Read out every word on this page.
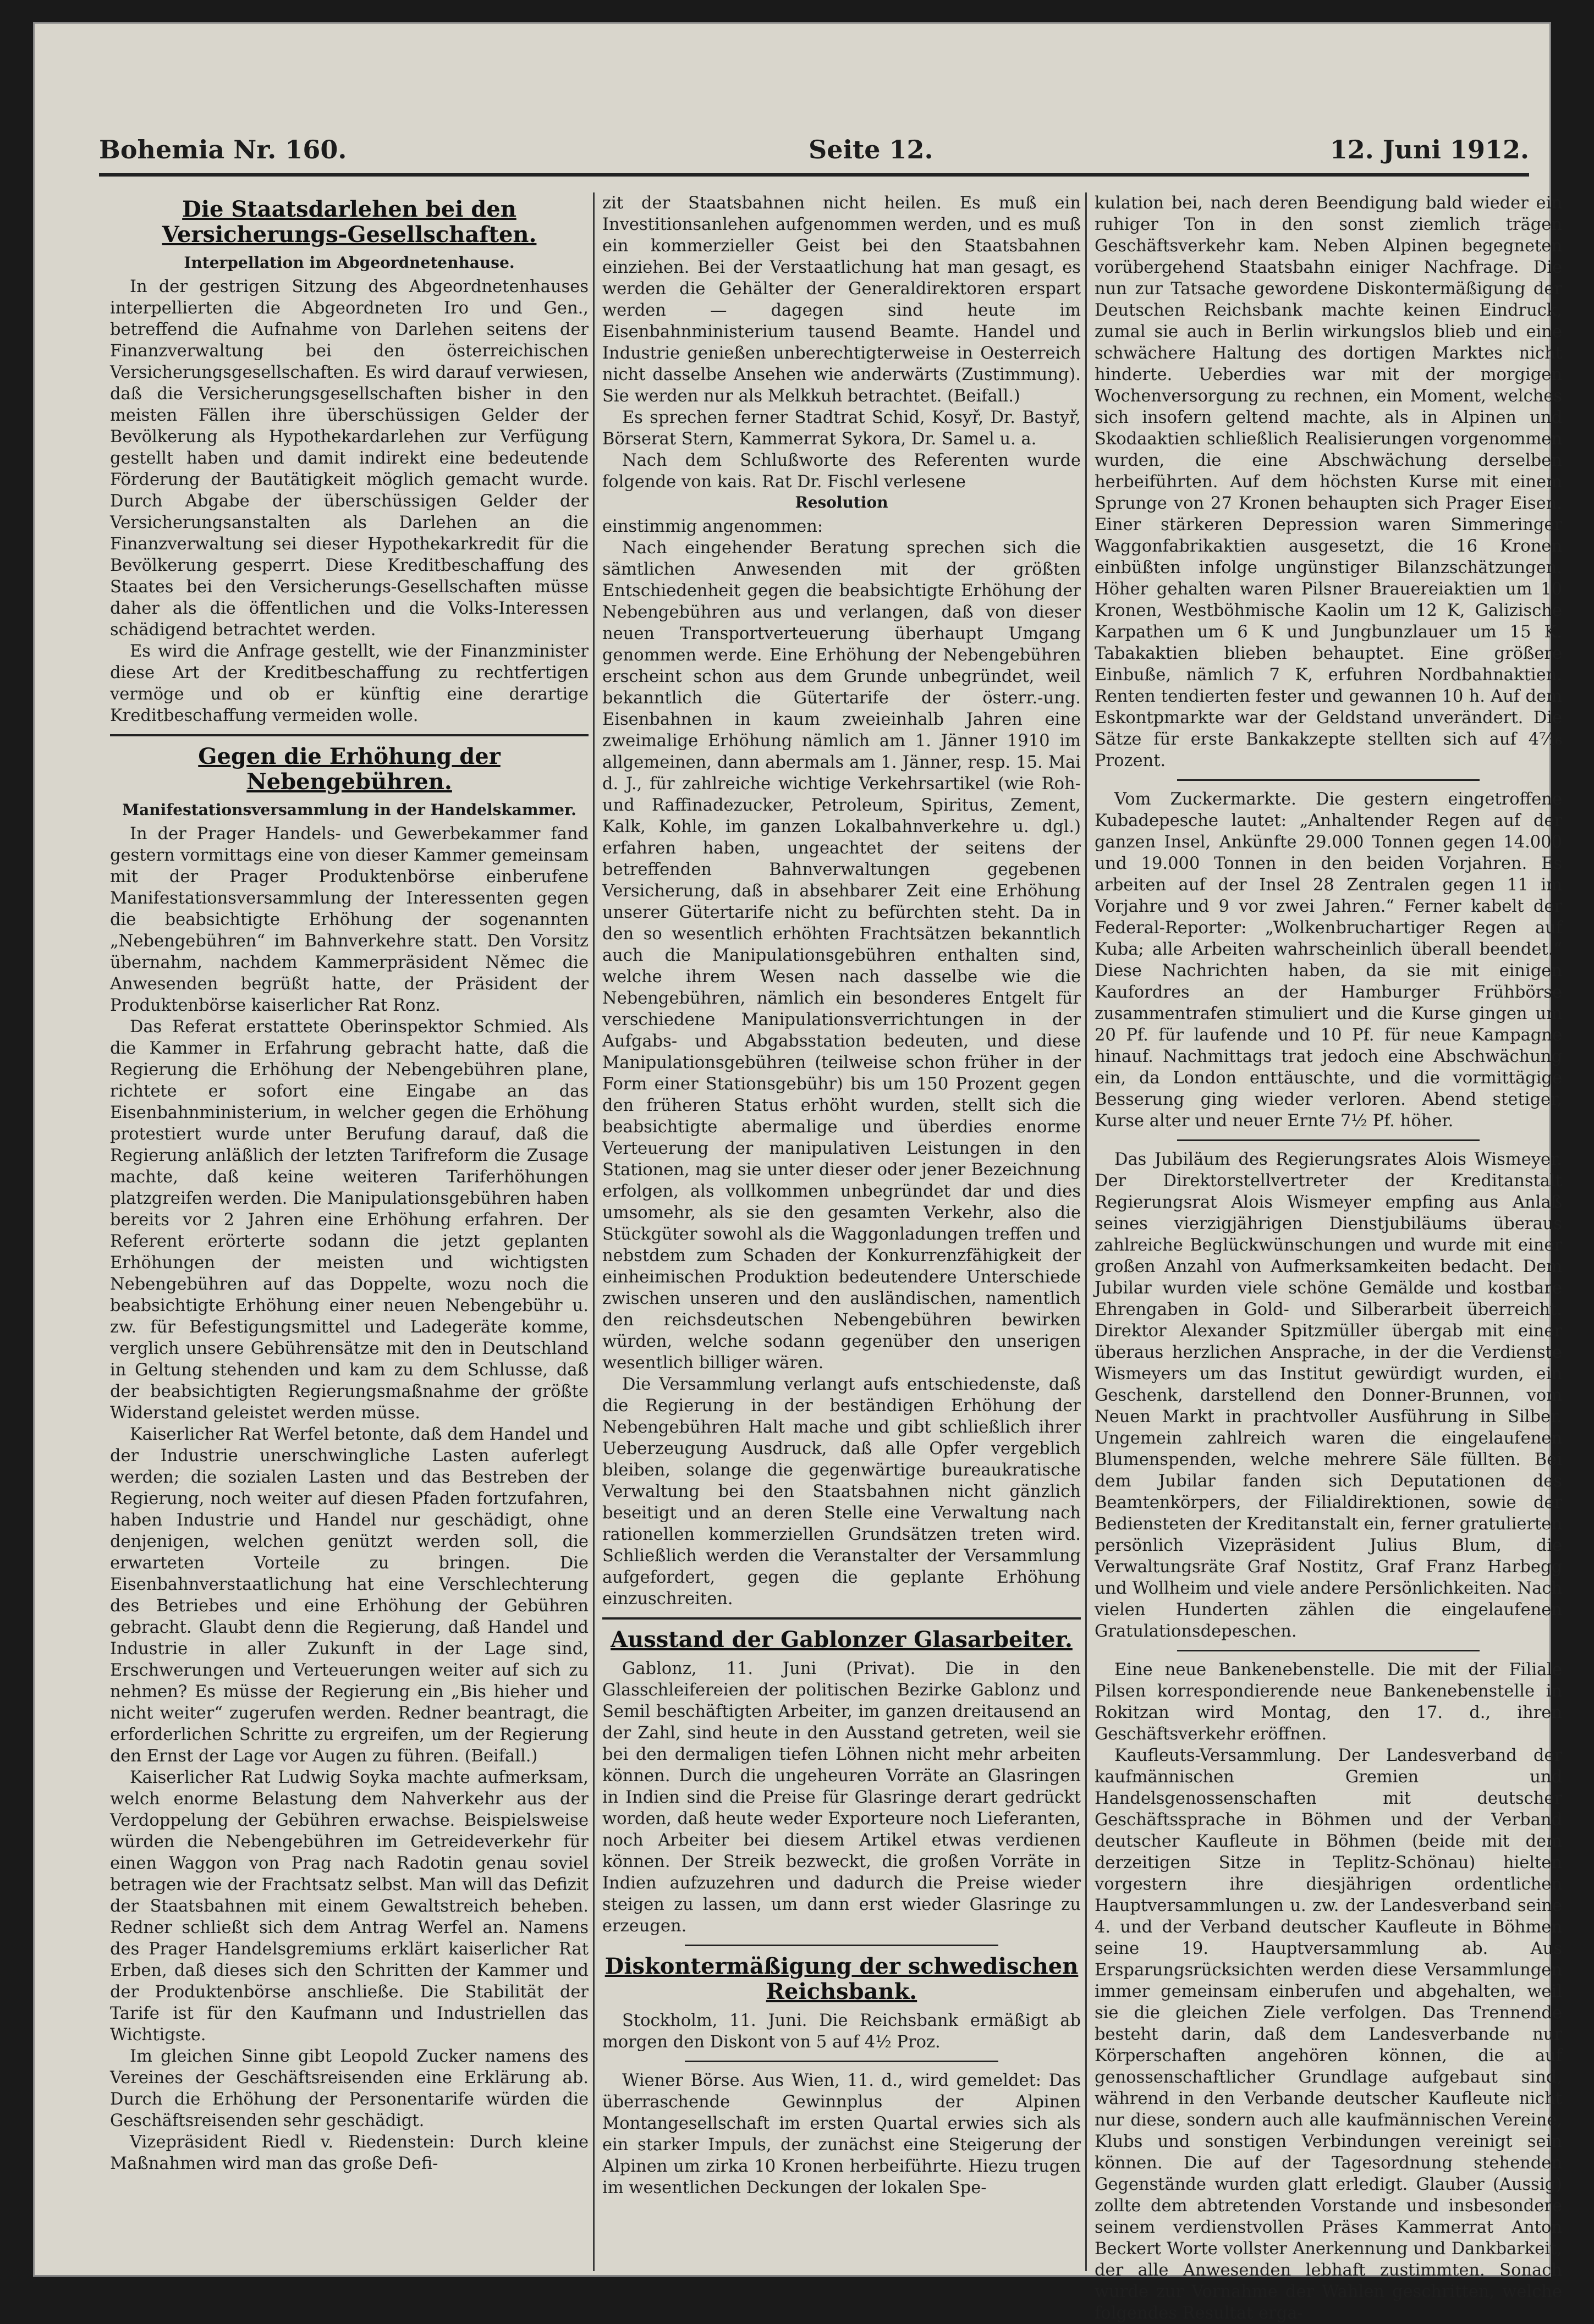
Bohemia Nr. 160.	Seite 12.	12. Juni 1912.
Die Staatsdarlehen bei den Versicherungs-Gesellschaften.
Interpellation im Abgeordnetenhause.

In der gestrigen Sitzung des Abgeordnetenhauses interpellierten die Abgeordneten Iro und Gen., betreffend die Aufnahme von Darlehen seitens der Finanzverwaltung bei den österreichischen Versicherungsgesellschaften. Es wird darauf verwiesen, daß die Versicherungsgesellschaften bisher in den meisten Fällen ihre überschüssigen Gelder der Bevölkerung als Hypothekardarlehen zur Verfügung gestellt haben und damit indirekt eine bedeutende Förderung der Bautätigkeit möglich gemacht wurde. Durch Abgabe der überschüssigen Gelder der Versicherungsanstalten als Darlehen an die Finanzverwaltung sei dieser Hypothekarkredit für die Bevölkerung gesperrt. Diese Kreditbeschaffung des Staates bei den Versicherungs-Gesellschaften müsse daher als die öffentlichen und die Volks-Interessen schädigend betrachtet werden.

Es wird die Anfrage gestellt, wie der Finanzminister diese Art der Kreditbeschaffung zu rechtfertigen vermöge und ob er künftig eine derartige Kreditbeschaffung vermeiden wolle.

Gegen die Erhöhung der Nebengebühren.
Manifestationsversammlung in der Handelskammer.

In der Prager Handels- und Gewerbekammer fand gestern vormittags eine von dieser Kammer gemeinsam mit der Prager Produktenbörse einberufene Manifestationsversammlung der Interessenten gegen die beabsichtigte Erhöhung der sogenannten „Nebengebühren“ im Bahnverkehre statt. Den Vorsitz übernahm, nachdem Kammerpräsident Němec die Anwesenden begrüßt hatte, der Präsident der Produktenbörse kaiserlicher Rat Ronz.

Das Referat erstattete Oberinspektor Schmied. Als die Kammer in Erfahrung gebracht hatte, daß die Regierung die Erhöhung der Nebengebühren plane, richtete er sofort eine Eingabe an das Eisenbahnministerium, in welcher gegen die Erhöhung protestiert wurde unter Berufung darauf, daß die Regierung anläßlich der letzten Tarifreform die Zusage machte, daß keine weiteren Tariferhöhungen platzgreifen werden. Die Manipulationsgebühren haben bereits vor 2 Jahren eine Erhöhung erfahren. Der Referent erörterte sodann die jetzt geplanten Erhöhungen der meisten und wichtigsten Nebengebühren auf das Doppelte, wozu noch die beabsichtigte Erhöhung einer neuen Nebengebühr u. zw. für Befestigungsmittel und Ladegeräte komme, verglich unsere Gebührensätze mit den in Deutschland in Geltung stehenden und kam zu dem Schlusse, daß der beabsichtigten Regierungsmaßnahme der größte Widerstand geleistet werden müsse.

Kaiserlicher Rat Werfel betonte, daß dem Handel und der Industrie unerschwingliche Lasten auferlegt werden; die sozialen Lasten und das Bestreben der Regierung, noch weiter auf diesen Pfaden fortzufahren, haben Industrie und Handel nur geschädigt, ohne denjenigen, welchen genützt werden soll, die erwarteten Vorteile zu bringen. Die Eisenbahnverstaatlichung hat eine Verschlechterung des Betriebes und eine Erhöhung der Gebühren gebracht. Glaubt denn die Regierung, daß Handel und Industrie in aller Zukunft in der Lage sind, Erschwerungen und Verteuerungen weiter auf sich zu nehmen? Es müsse der Regierung ein „Bis hieher und nicht weiter“ zugerufen werden. Redner beantragt, die erforderlichen Schritte zu ergreifen, um der Regierung den Ernst der Lage vor Augen zu führen. (Beifall.)

Kaiserlicher Rat Ludwig Soyka machte aufmerksam, welch enorme Belastung dem Nahverkehr aus der Verdoppelung der Gebühren erwachse. Beispielsweise würden die Nebengebühren im Getreideverkehr für einen Waggon von Prag nach Radotin genau soviel betragen wie der Frachtsatz selbst. Man will das Defizit der Staatsbahnen mit einem Gewaltstreich beheben. Redner schließt sich dem Antrag Werfel an. Namens des Prager Handelsgremiums erklärt kaiserlicher Rat Erben, daß dieses sich den Schritten der Kammer und der Produktenbörse anschließe. Die Stabilität der Tarife ist für den Kaufmann und Industriellen das Wichtigste.

Im gleichen Sinne gibt Leopold Zucker namens des Vereines der Geschäftsreisenden eine Erklärung ab. Durch die Erhöhung der Personentarife würden die Geschäftsreisenden sehr geschädigt.

Vizepräsident Riedl v. Riedenstein: Durch kleine Maßnahmen wird man das große Defi-

zit der Staatsbahnen nicht heilen. Es muß ein Investitionsanlehen aufgenommen werden, und es muß ein kommerzieller Geist bei den Staatsbahnen einziehen. Bei der Verstaatlichung hat man gesagt, es werden die Gehälter der Generaldirektoren erspart werden — dagegen sind heute im Eisenbahnministerium tausend Beamte. Handel und Industrie genießen unberechtigterweise in Oesterreich nicht dasselbe Ansehen wie anderwärts (Zustimmung). Sie werden nur als Melkkuh betrachtet. (Beifall.)

Es sprechen ferner Stadtrat Schid, Kosyř, Dr. Bastyř, Börserat Stern, Kammerrat Sykora, Dr. Samel u. a.

Nach dem Schlußworte des Referenten wurde folgende von kais. Rat Dr. Fischl verlesene

Resolution

einstimmig angenommen:

Nach eingehender Beratung sprechen sich die sämtlichen Anwesenden mit der größten Entschiedenheit gegen die beabsichtigte Erhöhung der Nebengebühren aus und verlangen, daß von dieser neuen Transportverteuerung überhaupt Umgang genommen werde. Eine Erhöhung der Nebengebühren erscheint schon aus dem Grunde unbegründet, weil bekanntlich die Gütertarife der österr.-ung. Eisenbahnen in kaum zweieinhalb Jahren eine zweimalige Erhöhung nämlich am 1. Jänner 1910 im allgemeinen, dann abermals am 1. Jänner, resp. 15. Mai d. J., für zahlreiche wichtige Verkehrsartikel (wie Roh- und Raffinadezucker, Petroleum, Spiritus, Zement, Kalk, Kohle, im ganzen Lokalbahnverkehre u. dgl.) erfahren haben, ungeachtet der seitens der betreffenden Bahnverwaltungen gegebenen Versicherung, daß in absehbarer Zeit eine Erhöhung unserer Gütertarife nicht zu befürchten steht. Da in den so wesentlich erhöhten Frachtsätzen bekanntlich auch die Manipulationsgebühren enthalten sind, welche ihrem Wesen nach dasselbe wie die Nebengebühren, nämlich ein besonderes Entgelt für verschiedene Manipulationsverrichtungen in der Aufgabs- und Abgabsstation bedeuten, und diese Manipulationsgebühren (teilweise schon früher in der Form einer Stationsgebühr) bis um 150 Prozent gegen den früheren Status erhöht wurden, stellt sich die beabsichtigte abermalige und überdies enorme Verteuerung der manipulativen Leistungen in den Stationen, mag sie unter dieser oder jener Bezeichnung erfolgen, als vollkommen unbegründet dar und dies umsomehr, als sie den gesamten Verkehr, also die Stückgüter sowohl als die Waggonladungen treffen und nebstdem zum Schaden der Konkurrenzfähigkeit der einheimischen Produktion bedeutendere Unterschiede zwischen unseren und den ausländischen, namentlich den reichsdeutschen Nebengebühren bewirken würden, welche sodann gegenüber den unserigen wesentlich billiger wären.

Die Versammlung verlangt aufs entschiedenste, daß die Regierung in der beständigen Erhöhung der Nebengebühren Halt mache und gibt schließlich ihrer Ueberzeugung Ausdruck, daß alle Opfer vergeblich bleiben, solange die gegenwärtige bureaukratische Verwaltung bei den Staatsbahnen nicht gänzlich beseitigt und an deren Stelle eine Verwaltung nach rationellen kommerziellen Grundsätzen treten wird. Schließlich werden die Veranstalter der Versammlung aufgefordert, gegen die geplante Erhöhung einzuschreiten.

Ausstand der Gablonzer Glasarbeiter.

Gablonz, 11. Juni (Privat). Die in den Glasschleifereien der politischen Bezirke Gablonz und Semil beschäftigten Arbeiter, im ganzen dreitausend an der Zahl, sind heute in den Ausstand getreten, weil sie bei den dermaligen tiefen Löhnen nicht mehr arbeiten können. Durch die ungeheuren Vorräte an Glasringen in Indien sind die Preise für Glasringe derart gedrückt worden, daß heute weder Exporteure noch Lieferanten, noch Arbeiter bei diesem Artikel etwas verdienen können. Der Streik bezweckt, die großen Vorräte in Indien aufzuzehren und dadurch die Preise wieder steigen zu lassen, um dann erst wieder Glasringe zu erzeugen.

Diskontermäßigung der schwedischen Reichsbank.

Stockholm, 11. Juni. Die Reichsbank ermäßigt ab morgen den Diskont von 5 auf 4½ Proz.

Wiener Börse. Aus Wien, 11. d., wird gemeldet: Das überraschende Gewinnplus der Alpinen Montangesellschaft im ersten Quartal erwies sich als ein starker Impuls, der zunächst eine Steigerung der Alpinen um zirka 10 Kronen herbeiführte. Hiezu trugen im wesentlichen Deckungen der lokalen Spe-

kulation bei, nach deren Beendigung bald wieder ein ruhiger Ton in den sonst ziemlich trägen Geschäftsverkehr kam. Neben Alpinen begegneten vorübergehend Staatsbahn einiger Nachfrage. Die nun zur Tatsache gewordene Diskontermäßigung der Deutschen Reichsbank machte keinen Eindruck, zumal sie auch in Berlin wirkungslos blieb und eine schwächere Haltung des dortigen Marktes nicht hinderte. Ueberdies war mit der morgigen Wochenversorgung zu rechnen, ein Moment, welches sich insofern geltend machte, als in Alpinen und Skodaaktien schließlich Realisierungen vorgenommen wurden, die eine Abschwächung derselben herbeiführten. Auf dem höchsten Kurse mit einem Sprunge von 27 Kronen behaupten sich Prager Eisen. Einer stärkeren Depression waren Simmeringer Waggonfabrikaktien ausgesetzt, die 16 Kronen einbüßten infolge ungünstiger Bilanzschätzungen. Höher gehalten waren Pilsner Brauereiaktien um 10 Kronen, Westböhmische Kaolin um 12 K, Galizische Karpathen um 6 K und Jungbunzlauer um 15 K. Tabakaktien blieben behauptet. Eine größere Einbuße, nämlich 7 K, erfuhren Nordbahnaktien. Renten tendierten fester und gewannen 10 h. Auf dem Eskontpmarkte war der Geldstand unverändert. Die Sätze für erste Bankakzepte stellten sich auf 4⁷⁄₁₆ Prozent.

Vom Zuckermarkte. Die gestern eingetroffene Kubadepesche lautet: „Anhaltender Regen auf der ganzen Insel, Ankünfte 29.000 Tonnen gegen 14.000 und 19.000 Tonnen in den beiden Vorjahren. Es arbeiten auf der Insel 28 Zentralen gegen 11 im Vorjahre und 9 vor zwei Jahren.“ Ferner kabelt der Federal-Reporter: „Wolkenbruchartiger Regen auf Kuba; alle Arbeiten wahrscheinlich überall beendet.“ Diese Nachrichten haben, da sie mit einigen Kaufordres an der Hamburger Frühbörse zusammentrafen stimuliert und die Kurse gingen um 20 Pf. für laufende und 10 Pf. für neue Kampagne hinauf. Nachmittags trat jedoch eine Abschwächung ein, da London enttäuschte, und die vormittägige Besserung ging wieder verloren. Abend stetiger, Kurse alter und neuer Ernte 7½ Pf. höher.

Das Jubiläum des Regierungsrates Alois Wismeyer. Der Direktorstellvertreter der Kreditanstalt Regierungsrat Alois Wismeyer empfing aus Anlaß seines vierzigjährigen Dienstjubiläums überaus zahlreiche Beglückwünschungen und wurde mit einer großen Anzahl von Aufmerksamkeiten bedacht. Dem Jubilar wurden viele schöne Gemälde und kostbare Ehrengaben in Gold- und Silberarbeit überreicht. Direktor Alexander Spitzmüller übergab mit einer überaus herzlichen Ansprache, in der die Verdienste Wismeyers um das Institut gewürdigt wurden, ein Geschenk, darstellend den Donner-Brunnen, vom Neuen Markt in prachtvoller Ausführung in Silber. Ungemein zahlreich waren die eingelaufenen Blumenspenden, welche mehrere Säle füllten. Bei dem Jubilar fanden sich Deputationen des Beamtenkörpers, der Filialdirektionen, sowie der Bediensteten der Kreditanstalt ein, ferner gratulierten persönlich Vizepräsident Julius Blum, die Verwaltungsräte Graf Nostitz, Graf Franz Harbegg und Wollheim und viele andere Persönlichkeiten. Nach vielen Hunderten zählen die eingelaufenen Gratulationsdepeschen.

Eine neue Bankenebenstelle. Die mit der Filiale Pilsen korrespondierende neue Bankenebenstelle in Rokitzan wird Montag, den 17. d., ihren Geschäftsverkehr eröffnen.

Kaufleuts-Versammlung. Der Landesverband der kaufmännischen Gremien und Handelsgenossenschaften mit deutscher Geschäftssprache in Böhmen und der Verband deutscher Kaufleute in Böhmen (beide mit dem derzeitigen Sitze in Teplitz-Schönau) hielten vorgestern ihre diesjährigen ordentlichen Hauptversammlungen u. zw. der Landesverband seine 4. und der Verband deutscher Kaufleute in Böhmen seine 19. Hauptversammlung ab. Aus Ersparungsrücksichten werden diese Versammlungen immer gemeinsam einberufen und abgehalten, weil sie die gleichen Ziele verfolgen. Das Trennende besteht darin, daß dem Landesverbande nur Körperschaften angehören können, die auf genossenschaftlicher Grundlage aufgebaut sind, während in den Verbande deutscher Kaufleute nicht nur diese, sondern auch alle kaufmännischen Vereine, Klubs und sonstigen Verbindungen vereinigt sein können. Die auf der Tagesordnung stehenden Gegenstände wurden glatt erledigt. Glauber (Aussig) zollte dem abtretenden Vorstande und insbesondere seinem verdienstvollen Präses Kammerrat Anton Beckert Worte vollster Anerkennung und Dankbarkeit, der alle Anwesenden lebhaft zustimmten. Sonach wurde zur Vornahme der Wahlen geschritten, welche folgendes Resultat erga-
